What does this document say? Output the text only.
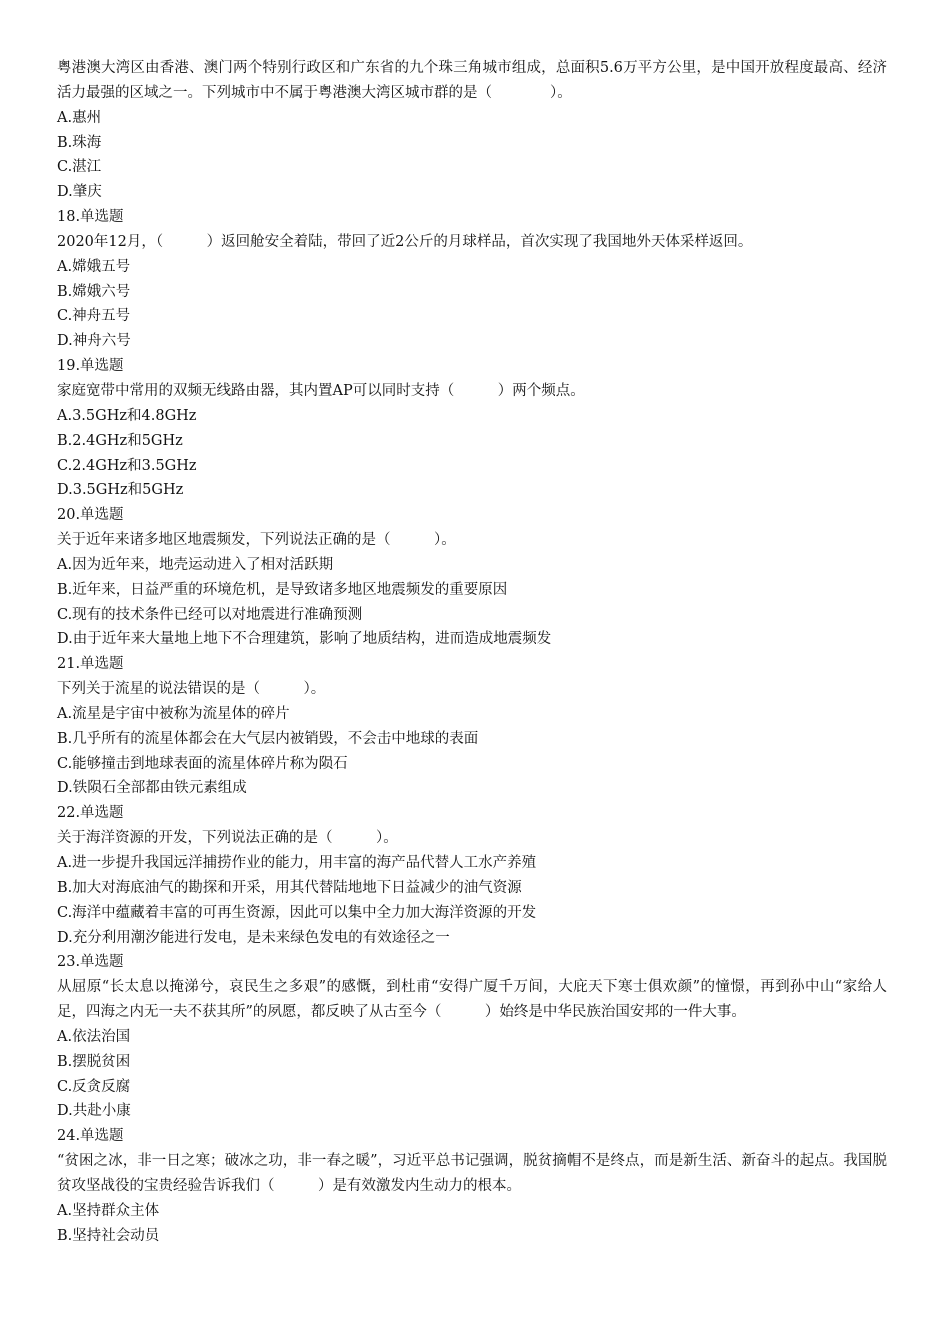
粤港澳大湾区由香港、澳门两个特别行政区和广东省的九个珠三角城市组成，总面积5.6万平方公里，是中国开放程度最高、经济活力最强的区域之一。下列城市中不属于粤港澳大湾区城市群的是（　　　　）。
A.惠州
B.珠海
C.湛江
D.肇庆
18.单选题
2020年12月，（　　　）返回舱安全着陆，带回了近2公斤的月球样品，首次实现了我国地外天体采样返回。
A.嫦娥五号
B.嫦娥六号
C.神舟五号
D.神舟六号
19.单选题
家庭宽带中常用的双频无线路由器，其内置AP可以同时支持（　　　）两个频点。
A.3.5GHz和4.8GHz
B.2.4GHz和5GHz
C.2.4GHz和3.5GHz
D.3.5GHz和5GHz
20.单选题
关于近年来诸多地区地震频发，下列说法正确的是（　　　）。
A.因为近年来，地壳运动进入了相对活跃期
B.近年来，日益严重的环境危机，是导致诸多地区地震频发的重要原因
C.现有的技术条件已经可以对地震进行准确预测
D.由于近年来大量地上地下不合理建筑，影响了地质结构，进而造成地震频发
21.单选题
下列关于流星的说法错误的是（　　　）。
A.流星是宇宙中被称为流星体的碎片
B.几乎所有的流星体都会在大气层内被销毁，不会击中地球的表面
C.能够撞击到地球表面的流星体碎片称为陨石
D.铁陨石全部都由铁元素组成
22.单选题
关于海洋资源的开发，下列说法正确的是（　　　）。
A.进一步提升我国远洋捕捞作业的能力，用丰富的海产品代替人工水产养殖
B.加大对海底油气的勘探和开采，用其代替陆地地下日益减少的油气资源
C.海洋中蕴藏着丰富的可再生资源，因此可以集中全力加大海洋资源的开发
D.充分利用潮汐能进行发电，是未来绿色发电的有效途径之一
23.单选题
从屈原“长太息以掩涕兮，哀民生之多艰”的感慨，到杜甫“安得广厦千万间，大庇天下寒士俱欢颜”的憧憬，再到孙中山“家给人足，四海之内无一夫不获其所”的夙愿，都反映了从古至今（　　　）始终是中华民族治国安邦的一件大事。
A.依法治国
B.摆脱贫困
C.反贪反腐
D.共赴小康
24.单选题
“贫困之冰，非一日之寒；破冰之功，非一春之暖”，习近平总书记强调，脱贫摘帽不是终点，而是新生活、新奋斗的起点。我国脱贫攻坚战役的宝贵经验告诉我们（　　　）是有效激发内生动力的根本。
A.坚持群众主体
B.坚持社会动员
